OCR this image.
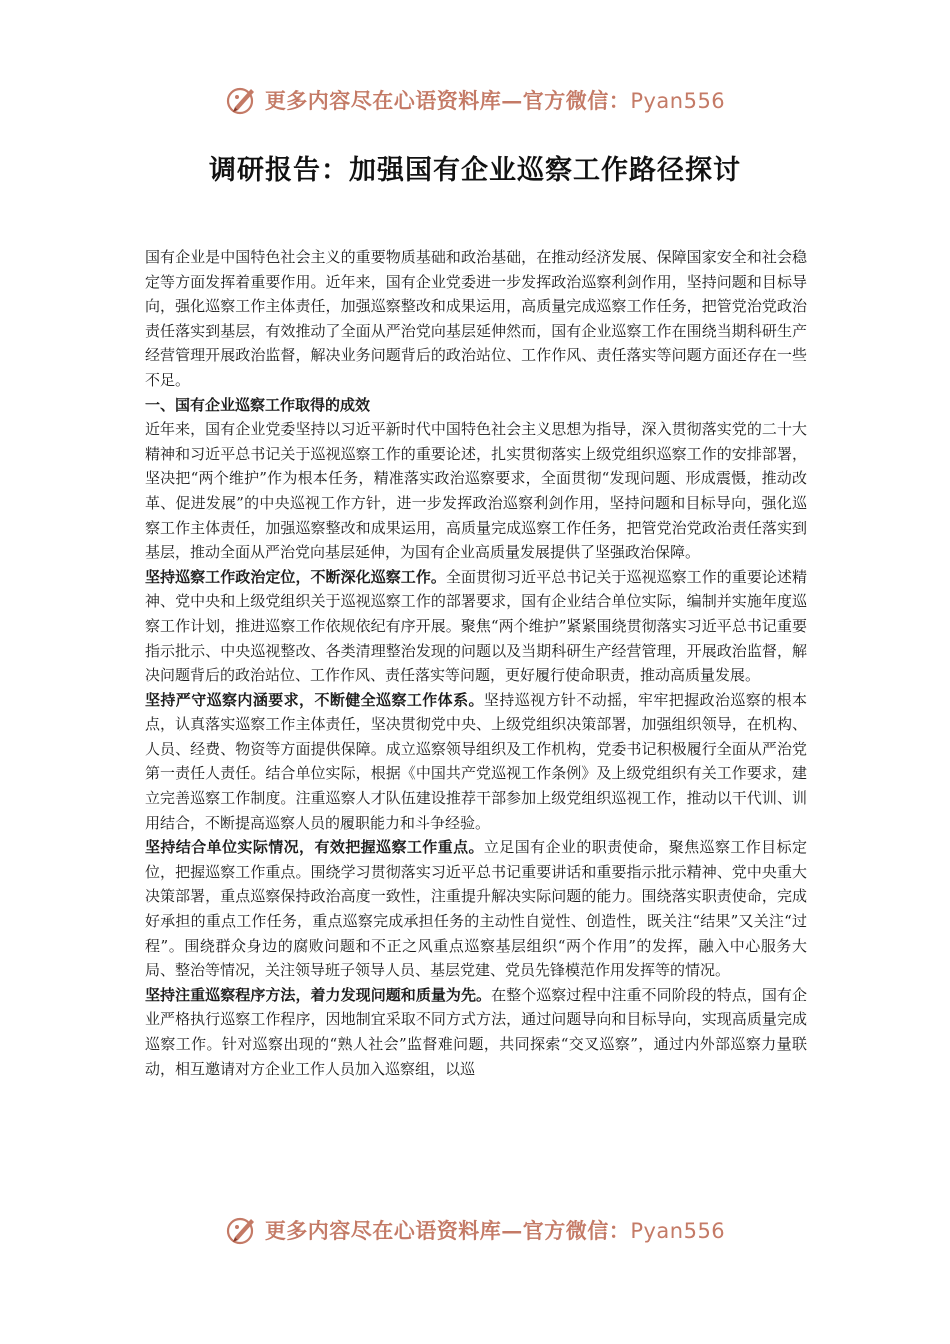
更多内容尽在心语资料库—官方微信：Pyan556
调研报告：加强国有企业巡察工作路径探讨

国有企业是中国特色社会主义的重要物质基础和政治基础，在推动经济发展、保障国家安全和社会稳定等方面发挥着重要作用。近年来，国有企业党委进一步发挥政治巡察利剑作用，坚持问题和目标导向，强化巡察工作主体责任，加强巡察整改和成果运用，高质量完成巡察工作任务，把管党治党政治责任落实到基层，有效推动了全面从严治党向基层延伸然而，国有企业巡察工作在围绕当期科研生产经营管理开展政治监督，解决业务问题背后的政治站位、工作作风、责任落实等问题方面还存在一些不足。

一、国有企业巡察工作取得的成效

近年来，国有企业党委坚持以习近平新时代中国特色社会主义思想为指导，深入贯彻落实党的二十大精神和习近平总书记关于巡视巡察工作的重要论述，扎实贯彻落实上级党组织巡察工作的安排部署，坚决把“两个维护”作为根本任务，精准落实政治巡察要求，全面贯彻“发现问题、形成震慑，推动改革、促进发展”的中央巡视工作方针，进一步发挥政治巡察利剑作用，坚持问题和目标导向，强化巡察工作主体责任，加强巡察整改和成果运用，高质量完成巡察工作任务，把管党治党政治责任落实到基层，推动全面从严治党向基层延伸，为国有企业高质量发展提供了坚强政治保障。

坚持巡察工作政治定位，不断深化巡察工作。全面贯彻习近平总书记关于巡视巡察工作的重要论述精神、党中央和上级党组织关于巡视巡察工作的部署要求，国有企业结合单位实际，编制并实施年度巡察工作计划，推进巡察工作依规依纪有序开展。聚焦“两个维护”紧紧围绕贯彻落实习近平总书记重要指示批示、中央巡视整改、各类清理整治发现的问题以及当期科研生产经营管理，开展政治监督，解决问题背后的政治站位、工作作风、责任落实等问题，更好履行使命职责，推动高质量发展。

坚持严守巡察内涵要求，不断健全巡察工作体系。坚持巡视方针不动摇，牢牢把握政治巡察的根本点，认真落实巡察工作主体责任，坚决贯彻党中央、上级党组织决策部署，加强组织领导，在机构、人员、经费、物资等方面提供保障。成立巡察领导组织及工作机构，党委书记积极履行全面从严治党第一责任人责任。结合单位实际，根据《中国共产党巡视工作条例》及上级党组织有关工作要求，建立完善巡察工作制度。注重巡察人才队伍建设推荐干部参加上级党组织巡视工作，推动以干代训、训用结合，不断提高巡察人员的履职能力和斗争经验。

坚持结合单位实际情况，有效把握巡察工作重点。立足国有企业的职责使命，聚焦巡察工作目标定位，把握巡察工作重点。围绕学习贯彻落实习近平总书记重要讲话和重要指示批示精神、党中央重大决策部署，重点巡察保持政治高度一致性，注重提升解决实际问题的能力。围绕落实职责使命，完成好承担的重点工作任务，重点巡察完成承担任务的主动性自觉性、创造性，既关注“结果”又关注“过程”。围绕群众身边的腐败问题和不正之风重点巡察基层组织“两个作用”的发挥，融入中心服务大局、整治等情况，关注领导班子领导人员、基层党建、党员先锋模范作用发挥等的情况。

坚持注重巡察程序方法，着力发现问题和质量为先。在整个巡察过程中注重不同阶段的特点，国有企业严格执行巡察工作程序，因地制宜采取不同方式方法，通过问题导向和目标导向，实现高质量完成巡察工作。针对巡察出现的“熟人社会”监督难问题，共同探索“交叉巡察”，通过内外部巡察力量联动，相互邀请对方企业工作人员加入巡察组，以巡

更多内容尽在心语资料库—官方微信：Pyan556
